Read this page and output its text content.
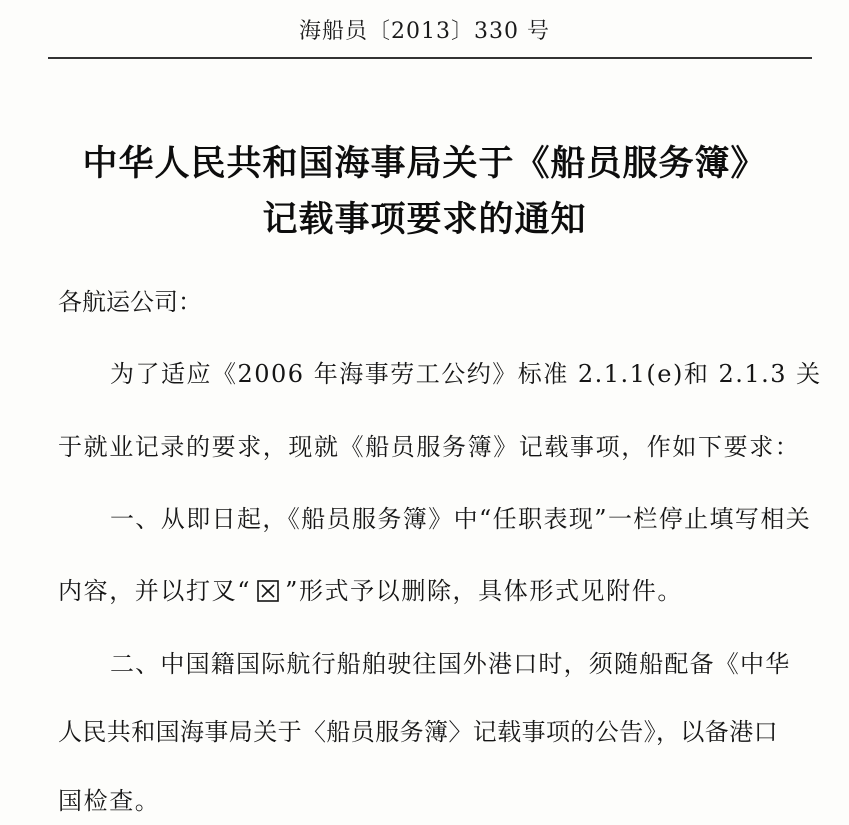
海船员〔2013〕330 号
中华人民共和国海事局关于《船员服务簿》
记载事项要求的通知
各航运公司：
为了适应《2006 年海事劳工公约》标准 2.1.1(e)和 2.1.3 关
于就业记录的要求，现就《船员服务簿》记载事项，作如下要求：
一、从即日起，《船员服务簿》中“任职表现”一栏停止填写相关
内容，并以打叉“ ☒ ”形式予以删除，具体形式见附件。
二、中国籍国际航行船舶驶往国外港口时，须随船配备《中华
人民共和国海事局关于〈船员服务簿〉记载事项的公告》，以备港口
国检查。
